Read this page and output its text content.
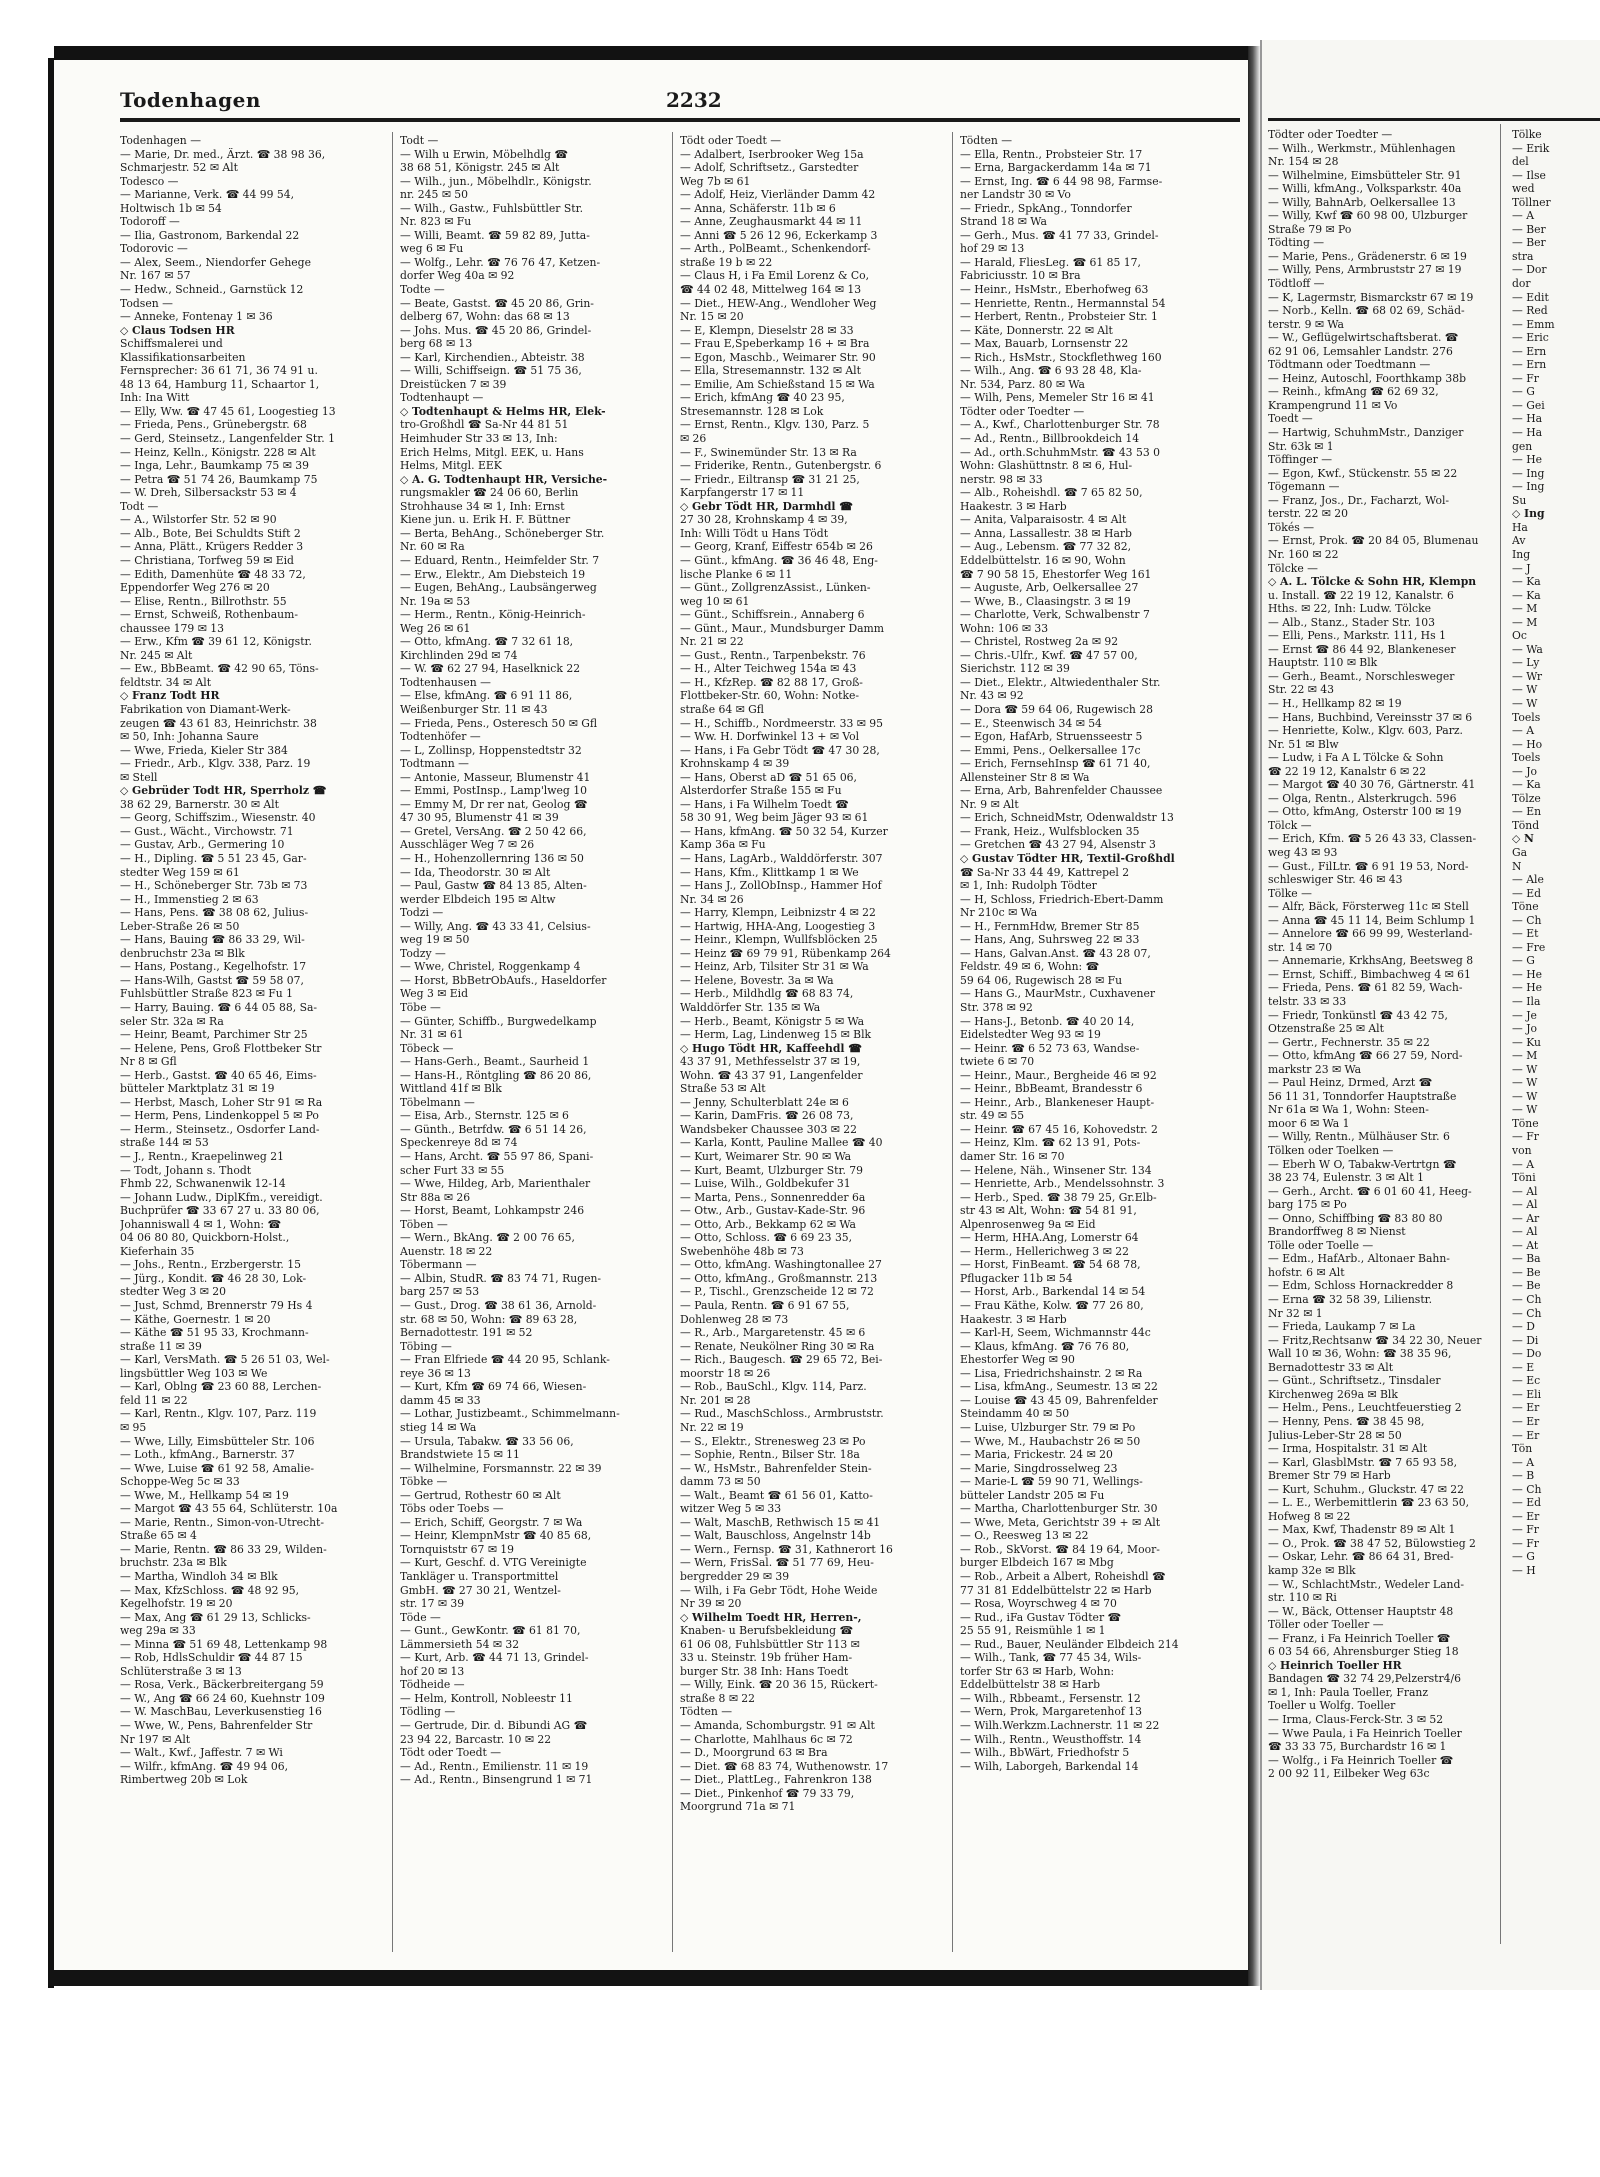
Todenhagen	2232
Todenhagen —
— Marie, Dr. med., Ärzt. ☎ 38 98 36,
Schmarjestr. 52 ✉ Alt
Todesco —
— Marianne, Verk. ☎ 44 99 54,
Holtwisch 1b ✉ 54
Todoroff —
— Ilia, Gastronom, Barkendal 22
Todorovic —
— Alex, Seem., Niendorfer Gehege
Nr. 167 ✉ 57
— Hedw., Schneid., Garnstück 12
Todsen —
— Anneke, Fontenay 1 ✉ 36
◇ Claus Todsen HR
Schiffsmalerei und
Klassifikationsarbeiten
Fernsprecher: 36 61 71, 36 74 91 u.
48 13 64, Hamburg 11, Schaartor 1,
Inh: Ina Witt
— Elly, Ww. ☎ 47 45 61, Loogestieg 13
— Frieda, Pens., Grünebergstr. 68
— Gerd, Steinsetz., Langenfelder Str. 1
— Heinz, Kelln., Königstr. 228 ✉ Alt
— Inga, Lehr., Baumkamp 75 ✉ 39
— Petra ☎ 51 74 26, Baumkamp 75
— W. Dreh, Silbersackstr 53 ✉ 4
Todt —
— A., Wilstorfer Str. 52 ✉ 90
— Alb., Bote, Bei Schuldts Stift 2
— Anna, Plätt., Krügers Redder 3
— Christiana, Torfweg 59 ✉ Eid
— Edith, Damenhüte ☎ 48 33 72,
Eppendorfer Weg 276 ✉ 20
— Elise, Rentn., Billrothstr. 55
— Ernst, Schweiß, Rothenbaum-
chaussee 179 ✉ 13
— Erw., Kfm ☎ 39 61 12, Königstr.
Nr. 245 ✉ Alt
— Ew., BbBeamt. ☎ 42 90 65, Töns-
feldtstr. 34 ✉ Alt
◇ Franz Todt HR
Fabrikation von Diamant-Werk-
zeugen ☎ 43 61 83, Heinrichstr. 38
✉ 50, Inh: Johanna Saure
— Wwe, Frieda, Kieler Str 384
— Friedr., Arb., Klgv. 338, Parz. 19
✉ Stell
◇ Gebrüder Todt HR, Sperrholz ☎
38 62 29, Barnerstr. 30 ✉ Alt
— Georg, Schiffszim., Wiesenstr. 40
— Gust., Wächt., Virchowstr. 71
— Gustav, Arb., Germering 10
— H., Dipling. ☎ 5 51 23 45, Gar-
stedter Weg 159 ✉ 61
— H., Schöneberger Str. 73b ✉ 73
— H., Immenstieg 2 ✉ 63
— Hans, Pens. ☎ 38 08 62, Julius-
Leber-Straße 26 ✉ 50
— Hans, Bauing ☎ 86 33 29, Wil-
denbruchstr 23a ✉ Blk
— Hans, Postang., Kegelhofstr. 17
— Hans-Wilh, Gastst ☎ 59 58 07,
Fuhlsbüttler Straße 823 ✉ Fu 1
— Harry, Bauing. ☎ 6 44 05 88, Sa-
seler Str. 32a ✉ Ra
— Heinr, Beamt, Parchimer Str 25
— Helene, Pens, Groß Flottbeker Str
Nr 8 ✉ Gfl
— Herb., Gastst. ☎ 40 65 46, Eims-
bütteler Marktplatz 31 ✉ 19
— Herbst, Masch, Loher Str 91 ✉ Ra
— Herm, Pens, Lindenkoppel 5 ✉ Po
— Herm., Steinsetz., Osdorfer Land-
straße 144 ✉ 53
— J., Rentn., Kraepelinweg 21
— Todt, Johann s. Thodt
Fhmb 22, Schwanenwik 12-14
— Johann Ludw., DiplKfm., vereidigt.
Buchprüfer ☎ 33 67 27 u. 33 80 06,
Johanniswall 4 ✉ 1, Wohn: ☎
04 06 80 80, Quickborn-Holst.,
Kieferhain 35
— Johs., Rentn., Erzbergerstr. 15
— Jürg., Kondit. ☎ 46 28 30, Lok-
stedter Weg 3 ✉ 20
— Just, Schmd, Brennerstr 79 Hs 4
— Käthe, Goernestr. 1 ✉ 20
— Käthe ☎ 51 95 33, Krochmann-
straße 11 ✉ 39
— Karl, VersMath. ☎ 5 26 51 03, Wel-
lingsbüttler Weg 103 ✉ We
— Karl, Oblng ☎ 23 60 88, Lerchen-
feld 11 ✉ 22
— Karl, Rentn., Klgv. 107, Parz. 119
✉ 95
— Wwe, Lilly, Eimsbütteler Str. 106
— Loth., kfmAng., Barnerstr. 37
— Wwe, Luise ☎ 61 92 58, Amalie-
Schoppe-Weg 5c ✉ 33
— Wwe, M., Hellkamp 54 ✉ 19
— Margot ☎ 43 55 64, Schlüterstr. 10a
— Marie, Rentn., Simon-von-Utrecht-
Straße 65 ✉ 4
— Marie, Rentn. ☎ 86 33 29, Wilden-
bruchstr. 23a ✉ Blk
— Martha, Windloh 34 ✉ Blk
— Max, KfzSchloss. ☎ 48 92 95,
Kegelhofstr. 19 ✉ 20
— Max, Ang ☎ 61 29 13, Schlicks-
weg 29a ✉ 33
— Minna ☎ 51 69 48, Lettenkamp 98
— Rob, HdlsSchuldir ☎ 44 87 15
Schlüterstraße 3 ✉ 13
— Rosa, Verk., Bäckerbreitergang 59
— W., Ang ☎ 66 24 60, Kuehnstr 109
— W. MaschBau, Leverkusenstieg 16
— Wwe, W., Pens, Bahrenfelder Str
Nr 197 ✉ Alt
— Walt., Kwf., Jaffestr. 7 ✉ Wi
— Wilfr., kfmAng. ☎ 49 94 06,
Rimbertweg 20b ✉ Lok
Todt —
— Wilh u Erwin, Möbelhdlg ☎
38 68 51, Königstr. 245 ✉ Alt
— Wilh., jun., Möbelhdlr., Königstr.
nr. 245 ✉ 50
— Wilh., Gastw., Fuhlsbüttler Str.
Nr. 823 ✉ Fu
— Willi, Beamt. ☎ 59 82 89, Jutta-
weg 6 ✉ Fu
— Wolfg., Lehr. ☎ 76 76 47, Ketzen-
dorfer Weg 40a ✉ 92
Todte —
— Beate, Gastst. ☎ 45 20 86, Grin-
delberg 67, Wohn: das 68 ✉ 13
— Johs. Mus. ☎ 45 20 86, Grindel-
berg 68 ✉ 13
— Karl, Kirchendien., Abteistr. 38
— Willi, Schiffseign. ☎ 51 75 36,
Dreistücken 7 ✉ 39
Todtenhaupt —
◇ Todtenhaupt & Helms HR, Elek-
tro-Großhdl ☎ Sa-Nr 44 81 51
Heimhuder Str 33 ✉ 13, Inh:
Erich Helms, Mitgl. EEK, u. Hans
Helms, Mitgl. EEK
◇ A. G. Todtenhaupt HR, Versiche-
rungsmakler ☎ 24 06 60, Berlin
Strohhause 34 ✉ 1, Inh: Ernst
Kiene jun. u. Erik H. F. Büttner
— Berta, BehAng., Schöneberger Str.
Nr. 60 ✉ Ra
— Eduard, Rentn., Heimfelder Str. 7
— Erw., Elektr., Am Diebsteich 19
— Eugen, BehAng., Laubsängerweg
Nr. 19a ✉ 53
— Herm., Rentn., König-Heinrich-
Weg 26 ✉ 61
— Otto, kfmAng. ☎ 7 32 61 18,
Kirchlinden 29d ✉ 74
— W. ☎ 62 27 94, Haselknick 22
Todtenhausen —
— Else, kfmAng. ☎ 6 91 11 86,
Weißenburger Str. 11 ✉ 43
— Frieda, Pens., Osteresch 50 ✉ Gfl
Todtenhöfer —
— L, Zollinsp, Hoppenstedtstr 32
Todtmann —
— Antonie, Masseur, Blumenstr 41
— Emmi, PostInsp., Lamp'lweg 10
— Emmy M, Dr rer nat, Geolog ☎
47 30 95, Blumenstr 41 ✉ 39
— Gretel, VersAng. ☎ 2 50 42 66,
Ausschläger Weg 7 ✉ 26
— H., Hohenzollernring 136 ✉ 50
— Ida, Theodorstr. 30 ✉ Alt
— Paul, Gastw ☎ 84 13 85, Alten-
werder Elbdeich 195 ✉ Altw
Todzi —
— Willy, Ang. ☎ 43 33 41, Celsius-
weg 19 ✉ 50
Todzy —
— Wwe, Christel, Roggenkamp 4
— Horst, BbBetrObAufs., Haseldorfer
Weg 3 ✉ Eid
Töbe —
— Günter, Schiffb., Burgwedelkamp
Nr. 31 ✉ 61
Töbeck —
— Hans-Gerh., Beamt., Saurheid 1
— Hans-H., Röntgling ☎ 86 20 86,
Wittland 41f ✉ Blk
Töbelmann —
— Eisa, Arb., Sternstr. 125 ✉ 6
— Günth., Betrfdw. ☎ 6 51 14 26,
Speckenreye 8d ✉ 74
— Hans, Archt. ☎ 55 97 86, Spani-
scher Furt 33 ✉ 55
— Wwe, Hildeg, Arb, Marienthaler
Str 88a ✉ 26
— Horst, Beamt, Lohkampstr 246
Töben —
— Wern., BkAng. ☎ 2 00 76 65,
Auenstr. 18 ✉ 22
Töbermann —
— Albin, StudR. ☎ 83 74 71, Rugen-
barg 257 ✉ 53
— Gust., Drog. ☎ 38 61 36, Arnold-
str. 68 ✉ 50, Wohn: ☎ 89 63 28,
Bernadottestr. 191 ✉ 52
Töbing —
— Fran Elfriede ☎ 44 20 95, Schlank-
reye 36 ✉ 13
— Kurt, Kfm ☎ 69 74 66, Wiesen-
damm 45 ✉ 33
— Lothar, Justizbeamt., Schimmelmann-
stieg 14 ✉ Wa
— Ursula, Tabakw. ☎ 33 56 06,
Brandstwiete 15 ✉ 11
— Wilhelmine, Forsmannstr. 22 ✉ 39
Töbke —
— Gertrud, Rothestr 60 ✉ Alt
Töbs oder Toebs —
— Erich, Schiff, Georgstr. 7 ✉ Wa
— Heinr, KlempnMstr ☎ 40 85 68,
Tornquiststr 67 ✉ 19
— Kurt, Geschf. d. VTG Vereinigte
Tankläger u. Transportmittel
GmbH. ☎ 27 30 21, Wentzel-
str. 17 ✉ 39
Töde —
— Gunt., GewKontr. ☎ 61 81 70,
Lämmersieth 54 ✉ 32
— Kurt, Arb. ☎ 44 71 13, Grindel-
hof 20 ✉ 13
Tödheide —
— Helm, Kontroll, Nobleestr 11
Tödling —
— Gertrude, Dir. d. Bibundi AG ☎
23 94 22, Barcastr. 10 ✉ 22
Tödt oder Toedt —
— Ad., Rentn., Emilienstr. 11 ✉ 19
— Ad., Rentn., Binsengrund 1 ✉ 71
Tödt oder Toedt —
— Adalbert, Iserbrooker Weg 15a
— Adolf, Schriftsetz., Garstedter
Weg 7b ✉ 61
— Adolf, Heiz, Vierländer Damm 42
— Anna, Schäferstr. 11b ✉ 6
— Anne, Zeughausmarkt 44 ✉ 11
— Anni ☎ 5 26 12 96, Eckerkamp 3
— Arth., PolBeamt., Schenkendorf-
straße 19 b ✉ 22
— Claus H, i Fa Emil Lorenz & Co,
☎ 44 02 48, Mittelweg 164 ✉ 13
— Diet., HEW-Ang., Wendloher Weg
Nr. 15 ✉ 20
— E, Klempn, Dieselstr 28 ✉ 33
— Frau E,Speberkamp 16 + ✉ Bra
— Egon, Maschb., Weimarer Str. 90
— Ella, Stresemannstr. 132 ✉ Alt
— Emilie, Am Schießstand 15 ✉ Wa
— Erich, kfmAng ☎ 40 23 95,
Stresemannstr. 128 ✉ Lok
— Ernst, Rentn., Klgv. 130, Parz. 5
✉ 26
— F., Swinemünder Str. 13 ✉ Ra
— Friderike, Rentn., Gutenbergstr. 6
— Friedr., Eiltransp ☎ 31 21 25,
Karpfangerstr 17 ✉ 11
◇ Gebr Tödt HR, Darmhdl ☎
27 30 28, Krohnskamp 4 ✉ 39,
Inh: Willi Tödt u Hans Tödt
— Georg, Kranf, Eiffestr 654b ✉ 26
— Günt., kfmAng. ☎ 36 46 48, Eng-
lische Planke 6 ✉ 11
— Günt., ZollgrenzAssist., Lünken-
weg 10 ✉ 61
— Günt., Schiffsrein., Annaberg 6
— Günt., Maur., Mundsburger Damm
Nr. 21 ✉ 22
— Gust., Rentn., Tarpenbekstr. 76
— H., Alter Teichweg 154a ✉ 43
— H., KfzRep. ☎ 82 88 17, Groß-
Flottbeker-Str. 60, Wohn: Notke-
straße 64 ✉ Gfl
— H., Schiffb., Nordmeerstr. 33 ✉ 95
— Ww. H. Dorfwinkel 13 + ✉ Vol
— Hans, i Fa Gebr Tödt ☎ 47 30 28,
Krohnskamp 4 ✉ 39
— Hans, Oberst aD ☎ 51 65 06,
Alsterdorfer Straße 155 ✉ Fu
— Hans, i Fa Wilhelm Toedt ☎
58 30 91, Weg beim Jäger 93 ✉ 61
— Hans, kfmAng. ☎ 50 32 54, Kurzer
Kamp 36a ✉ Fu
— Hans, LagArb., Walddörferstr. 307
— Hans, Kfm., Klittkamp 1 ✉ We
— Hans J., ZollObInsp., Hammer Hof
Nr. 34 ✉ 26
— Harry, Klempn, Leibnizstr 4 ✉ 22
— Hartwig, HHA-Ang, Loogestieg 3
— Heinr., Klempn, Wullfsblöcken 25
— Heinz ☎ 69 79 91, Rübenkamp 264
— Heinz, Arb, Tilsiter Str 31 ✉ Wa
— Helene, Bovestr. 3a ✉ Wa
— Herb., Mildhdlg ☎ 68 83 74,
Walddörfer Str. 135 ✉ Wa
— Herb., Beamt, Königstr 5 ✉ Wa
— Herm, Lag, Lindenweg 15 ✉ Blk
◇ Hugo Tödt HR, Kaffeehdl ☎
43 37 91, Methfesselstr 37 ✉ 19,
Wohn. ☎ 43 37 91, Langenfelder
Straße 53 ✉ Alt
— Jenny, Schulterblatt 24e ✉ 6
— Karin, DamFris. ☎ 26 08 73,
Wandsbeker Chaussee 303 ✉ 22
— Karla, Kontt, Pauline Mallee ☎ 40
— Kurt, Weimarer Str. 90 ✉ Wa
— Kurt, Beamt, Ulzburger Str. 79
— Luise, Wilh., Goldbekufer 31
— Marta, Pens., Sonnenredder 6a
— Otw., Arb., Gustav-Kade-Str. 96
— Otto, Arb., Bekkamp 62 ✉ Wa
— Otto, Schloss. ☎ 6 69 23 35,
Swebenhöhe 48b ✉ 73
— Otto, kfmAng. Washingtonallee 27
— Otto, kfmAng., Großmannstr. 213
— P., Tischl., Grenzscheide 12 ✉ 72
— Paula, Rentn. ☎ 6 91 67 55,
Dohlenweg 28 ✉ 73
— R., Arb., Margaretenstr. 45 ✉ 6
— Renate, Neukölner Ring 30 ✉ Ra
— Rich., Baugesch. ☎ 29 65 72, Bei-
moorstr 18 ✉ 26
— Rob., BauSchl., Klgv. 114, Parz.
Nr. 201 ✉ 28
— Rud., MaschSchloss., Armbruststr.
Nr. 22 ✉ 19
— S., Elektr., Strenesweg 23 ✉ Po
— Sophie, Rentn., Bilser Str. 18a
— W., HsMstr., Bahrenfelder Stein-
damm 73 ✉ 50
— Walt., Beamt ☎ 61 56 01, Katto-
witzer Weg 5 ✉ 33
— Walt, MaschB, Rethwisch 15 ✉ 41
— Walt, Bauschloss, Angelnstr 14b
— Wern., Fernsp. ☎ 31, Kathnerort 16
— Wern, FrisSal. ☎ 51 77 69, Heu-
bergredder 29 ✉ 39
— Wilh, i Fa Gebr Tödt, Hohe Weide
Nr 39 ✉ 20
◇ Wilhelm Toedt HR, Herren-,
Knaben- u Berufsbekleidung ☎
61 06 08, Fuhlsbüttler Str 113 ✉
33 u. Steinstr. 19b früher Ham-
burger Str. 38 Inh: Hans Toedt
— Willy, Eink. ☎ 20 36 15, Rückert-
straße 8 ✉ 22
Tödten —
— Amanda, Schomburgstr. 91 ✉ Alt
— Charlotte, Mahlhaus 6c ✉ 72
— D., Moorgrund 63 ✉ Bra
— Diet. ☎ 68 83 74, Wuthenowstr. 17
— Diet., PlattLeg., Fahrenkron 138
— Diet., Pinkenhof ☎ 79 33 79,
Moorgrund 71a ✉ 71
Tödten —
— Ella, Rentn., Probsteier Str. 17
— Erna, Bargackerdamm 14a ✉ 71
— Ernst, Ing. ☎ 6 44 98 98, Farmse-
ner Landstr 30 ✉ Vo
— Friedr., SpkAng., Tonndorfer
Strand 18 ✉ Wa
— Gerh., Mus. ☎ 41 77 33, Grindel-
hof 29 ✉ 13
— Harald, FliesLeg. ☎ 61 85 17,
Fabriciusstr. 10 ✉ Bra
— Heinr., HsMstr., Eberhofweg 63
— Henriette, Rentn., Hermannstal 54
— Herbert, Rentn., Probsteier Str. 1
— Käte, Donnerstr. 22 ✉ Alt
— Max, Bauarb, Lornsenstr 22
— Rich., HsMstr., Stockflethweg 160
— Wilh., Ang. ☎ 6 93 28 48, Kla-
Nr. 534, Parz. 80 ✉ Wa
— Wilh, Pens, Memeler Str 16 ✉ 41
Tödter oder Toedter —
— A., Kwf., Charlottenburger Str. 78
— Ad., Rentn., Billbrookdeich 14
— Ad., orth.SchuhmMstr. ☎ 43 53 0
Wohn: Glashüttnstr. 8 ✉ 6, Hul-
nerstr. 98 ✉ 33
— Alb., Roheishdl. ☎ 7 65 82 50,
Haakestr. 3 ✉ Harb
— Anita, Valparaisostr. 4 ✉ Alt
— Anna, Lassallestr. 38 ✉ Harb
— Aug., Lebensm. ☎ 77 32 82,
Eddelbüttelstr. 16 ✉ 90, Wohn
☎ 7 90 58 15, Ehestorfer Weg 161
— Auguste, Arb, Oelkersallee 27
— Wwe, B., Claasingstr. 3 ✉ 19
— Charlotte, Verk, Schwalbenstr 7
Wohn: 106 ✉ 33
— Christel, Rostweg 2a ✉ 92
— Chris.-Ulfr., Kwf. ☎ 47 57 00,
Sierichstr. 112 ✉ 39
— Diet., Elektr., Altwiedenthaler Str.
Nr. 43 ✉ 92
— Dora ☎ 59 64 06, Rugewisch 28
— E., Steenwisch 34 ✉ 54
— Egon, HafArb, Struensseestr 5
— Emmi, Pens., Oelkersallee 17c
— Erich, FernsehInsp ☎ 61 71 40,
Allensteiner Str 8 ✉ Wa
— Erna, Arb, Bahrenfelder Chaussee
Nr. 9 ✉ Alt
— Erich, SchneidMstr, Odenwaldstr 13
— Frank, Heiz., Wulfsblocken 35
— Gretchen ☎ 43 27 94, Alsenstr 3
◇ Gustav Tödter HR, Textil-Großhdl
☎ Sa-Nr 33 44 49, Kattrepel 2
✉ 1, Inh: Rudolph Tödter
— H, Schloss, Friedrich-Ebert-Damm
Nr 210c ✉ Wa
— H., FernmHdw, Bremer Str 85
— Hans, Ang, Suhrsweg 22 ✉ 33
— Hans, Galvan.Anst. ☎ 43 28 07,
Feldstr. 49 ✉ 6, Wohn: ☎
59 64 06, Rugewisch 28 ✉ Fu
— Hans G., MaurMstr., Cuxhavener
Str. 378 ✉ 92
— Hans-J., Betonb. ☎ 40 20 14,
Eidelstedter Weg 93 ✉ 19
— Heinr. ☎ 6 52 73 63, Wandse-
twiete 6 ✉ 70
— Heinr., Maur., Bergheide 46 ✉ 92
— Heinr., BbBeamt, Brandesstr 6
— Heinr., Arb., Blankeneser Haupt-
str. 49 ✉ 55
— Heinr. ☎ 67 45 16, Kohovedstr. 2
— Heinz, Klm. ☎ 62 13 91, Pots-
damer Str. 16 ✉ 70
— Helene, Näh., Winsener Str. 134
— Henriette, Arb., Mendelssohnstr. 3
— Herb., Sped. ☎ 38 79 25, Gr.Elb-
str 43 ✉ Alt, Wohn: ☎ 54 81 91,
Alpenrosenweg 9a ✉ Eid
— Herm, HHA.Ang, Lomerstr 64
— Herm., Hellerichweg 3 ✉ 22
— Horst, FinBeamt. ☎ 54 68 78,
Pflugacker 11b ✉ 54
— Horst, Arb., Barkendal 14 ✉ 54
— Frau Käthe, Kolw. ☎ 77 26 80,
Haakestr. 3 ✉ Harb
— Karl-H, Seem, Wichmannstr 44c
— Klaus, kfmAng. ☎ 76 76 80,
Ehestorfer Weg ✉ 90
— Lisa, Friedrichshainstr. 2 ✉ Ra
— Lisa, kfmAng., Seumestr. 13 ✉ 22
— Louise ☎ 43 45 09, Bahrenfelder
Steindamm 40 ✉ 50
— Luise, Ulzburger Str. 79 ✉ Po
— Wwe, M., Haubachstr 26 ✉ 50
— Maria, Frickestr. 24 ✉ 20
— Marie, Singdrosselweg 23
— Marie-L ☎ 59 90 71, Wellings-
bütteler Landstr 205 ✉ Fu
— Martha, Charlottenburger Str. 30
— Wwe, Meta, Gerichtstr 39 + ✉ Alt
— O., Reesweg 13 ✉ 22
— Rob., SkVorst. ☎ 84 19 64, Moor-
burger Elbdeich 167 ✉ Mbg
— Rob., Arbeit a Albert, Roheishdl ☎
77 31 81 Eddelbüttelstr 22 ✉ Harb
— Rosa, Woyrschweg 4 ✉ 70
— Rud., iFa Gustav Tödter ☎
25 55 91, Reismühle 1 ✉ 1
— Rud., Bauer, Neuländer Elbdeich 214
— Wilh., Tank, ☎ 77 45 34, Wils-
torfer Str 63 ✉ Harb, Wohn:
Eddelbüttelstr 38 ✉ Harb
— Wilh., Rbbeamt., Fersenstr. 12
— Wern, Prok, Margaretenhof 13
— Wilh.Werkzm.Lachnerstr. 11 ✉ 22
— Wilh., Rentn., Weusthoffstr. 14
— Wilh., BbWärt, Friedhofstr 5
— Wilh, Laborgeh, Barkendal 14
Tödter oder Toedter —
— Wilh., Werkmstr., Mühlenhagen
Nr. 154 ✉ 28
— Wilhelmine, Eimsbütteler Str. 91
— Willi, kfmAng., Volksparkstr. 40a
— Willy, BahnArb, Oelkersallee 13
— Willy, Kwf ☎ 60 98 00, Ulzburger
Straße 79 ✉ Po
Tödting —
— Marie, Pens., Grädenerstr. 6 ✉ 19
— Willy, Pens, Armbruststr 27 ✉ 19
Tödtloff —
— K, Lagermstr, Bismarckstr 67 ✉ 19
— Norb., Kelln. ☎ 68 02 69, Schäd-
terstr. 9 ✉ Wa
— W., Geflügelwirtschaftsberat. ☎
62 91 06, Lemsahler Landstr. 276
Tödtmann oder Toedtmann —
— Heinz, Autoschl, Foorthkamp 38b
— Reinh., kfmAng ☎ 62 69 32,
Krampengrund 11 ✉ Vo
Toedt —
— Hartwig, SchuhmMstr., Danziger
Str. 63k ✉ 1
Töffinger —
— Egon, Kwf., Stückenstr. 55 ✉ 22
Tögemann —
— Franz, Jos., Dr., Facharzt, Wol-
terstr. 22 ✉ 20
Tökés —
— Ernst, Prok. ☎ 20 84 05, Blumenau
Nr. 160 ✉ 22
Tölcke —
◇ A. L. Tölcke & Sohn HR, Klempn
u. Install. ☎ 22 19 12, Kanalstr. 6
Hths. ✉ 22, Inh: Ludw. Tölcke
— Alb., Stanz., Stader Str. 103
— Elli, Pens., Markstr. 111, Hs 1
— Ernst ☎ 86 44 92, Blankeneser
Hauptstr. 110 ✉ Blk
— Gerh., Beamt., Norschlesweger
Str. 22 ✉ 43
— H., Hellkamp 82 ✉ 19
— Hans, Buchbind, Vereinsstr 37 ✉ 6
— Henriette, Kolw., Klgv. 603, Parz.
Nr. 51 ✉ Blw
— Ludw, i Fa A L Tölcke & Sohn
☎ 22 19 12, Kanalstr 6 ✉ 22
— Margot ☎ 40 30 76, Gärtnerstr. 41
— Olga, Rentn., Alsterkrugch. 596
— Otto, kfmAng, Osterstr 100 ✉ 19
Tölck —
— Erich, Kfm. ☎ 5 26 43 33, Classen-
weg 43 ✉ 93
— Gust., FilLtr. ☎ 6 91 19 53, Nord-
schleswiger Str. 46 ✉ 43
Tölke —
— Alfr, Bäck, Försterweg 11c ✉ Stell
— Anna ☎ 45 11 14, Beim Schlump 1
— Annelore ☎ 66 99 99, Westerland-
str. 14 ✉ 70
— Annemarie, KrkhsAng, Beetsweg 8
— Ernst, Schiff., Bimbachweg 4 ✉ 61
— Frieda, Pens. ☎ 61 82 59, Wach-
telstr. 33 ✉ 33
— Friedr, Tonkünstl ☎ 43 42 75,
Otzenstraße 25 ✉ Alt
— Gertr., Fechnerstr. 35 ✉ 22
— Otto, kfmAng ☎ 66 27 59, Nord-
markstr 23 ✉ Wa
— Paul Heinz, Drmed, Arzt ☎
56 11 31, Tonndorfer Hauptstraße
Nr 61a ✉ Wa 1, Wohn: Steen-
moor 6 ✉ Wa 1
— Willy, Rentn., Mülhäuser Str. 6
Tölken oder Toelken —
— Eberh W O, Tabakw-Vertrtgn ☎
38 23 74, Eulenstr. 3 ✉ Alt 1
— Gerh., Archt. ☎ 6 01 60 41, Heeg-
barg 175 ✉ Po
— Onno, Schiffbing ☎ 83 80 80
Brandorffweg 8 ✉ Nienst
Tölle oder Toelle —
— Edm., HafArb., Altonaer Bahn-
hofstr. 6 ✉ Alt
— Edm, Schloss Hornackredder 8
— Erna ☎ 32 58 39, Lilienstr.
Nr 32 ✉ 1
— Frieda, Laukamp 7 ✉ La
— Fritz,Rechtsanw ☎ 34 22 30, Neuer
Wall 10 ✉ 36, Wohn: ☎ 38 35 96,
Bernadottestr 33 ✉ Alt
— Günt., Schriftsetz., Tinsdaler
Kirchenweg 269a ✉ Blk
— Helm., Pens., Leuchtfeuerstieg 2
— Henny, Pens. ☎ 38 45 98,
Julius-Leber-Str 28 ✉ 50
— Irma, Hospitalstr. 31 ✉ Alt
— Karl, GlasblMstr. ☎ 7 65 93 58,
Bremer Str 79 ✉ Harb
— Kurt, Schuhm., Gluckstr. 47 ✉ 22
— L. E., Werbemittlerin ☎ 23 63 50,
Hofweg 8 ✉ 22
— Max, Kwf, Thadenstr 89 ✉ Alt 1
— O., Prok. ☎ 38 47 52, Bülowstieg 2
— Oskar, Lehr. ☎ 86 64 31, Bred-
kamp 32e ✉ Blk
— W., SchlachtMstr., Wedeler Land-
str. 110 ✉ Ri
— W., Bäck, Ottenser Hauptstr 48
Töller oder Toeller —
— Franz, i Fa Heinrich Toeller ☎
6 03 54 66, Ahrensburger Stieg 18
◇ Heinrich Toeller HR
Bandagen ☎ 32 74 29,Pelzerstr4/6
✉ 1, Inh: Paula Toeller, Franz
Toeller u Wolfg. Toeller
— Irma, Claus-Ferck-Str. 3 ✉ 52
— Wwe Paula, i Fa Heinrich Toeller
☎ 33 33 75, Burchardstr 16 ✉ 1
— Wolfg., i Fa Heinrich Toeller ☎
2 00 92 11, Eilbeker Weg 63c
Tölke
— Erik
del
— Ilse
wed
Töllner
— A
— Ber
— Ber
stra
— Dor
dor
— Edit
— Red
— Emm
— Eric
— Ern
— Ern
— Fr
— G
— Gei
— Ha
— Ha
gen
— He
— Ing
— Ing
Su
◇ Ing
Ha
Av
Ing
— J
— Ka
— Ka
— M
— M
Oc
— Wa
— Ly
— Wr
— W
— W
Toels
— A
— Ho
Toels
— Jo
— Ka
Tölze
— En
Tönd
◇ N
Ga
N
— Ale
— Ed
Töne
— Ch
— Et
— Fre
— G
— He
— He
— Ila
— Je
— Jo
— Ku
— M
— W
— W
— W
— W
Töne
— Fr
von
— A
Töni
— Al
— Al
— Ar
— Al
— At
— Ba
— Be
— Be
— Ch
— Ch
— D
— Di
— Do
— E
— Ec
— Eli
— Er
— Er
— Er
Tön
— A
— B
— Ch
— Ed
— Er
— Fr
— Fr
— G
— H
